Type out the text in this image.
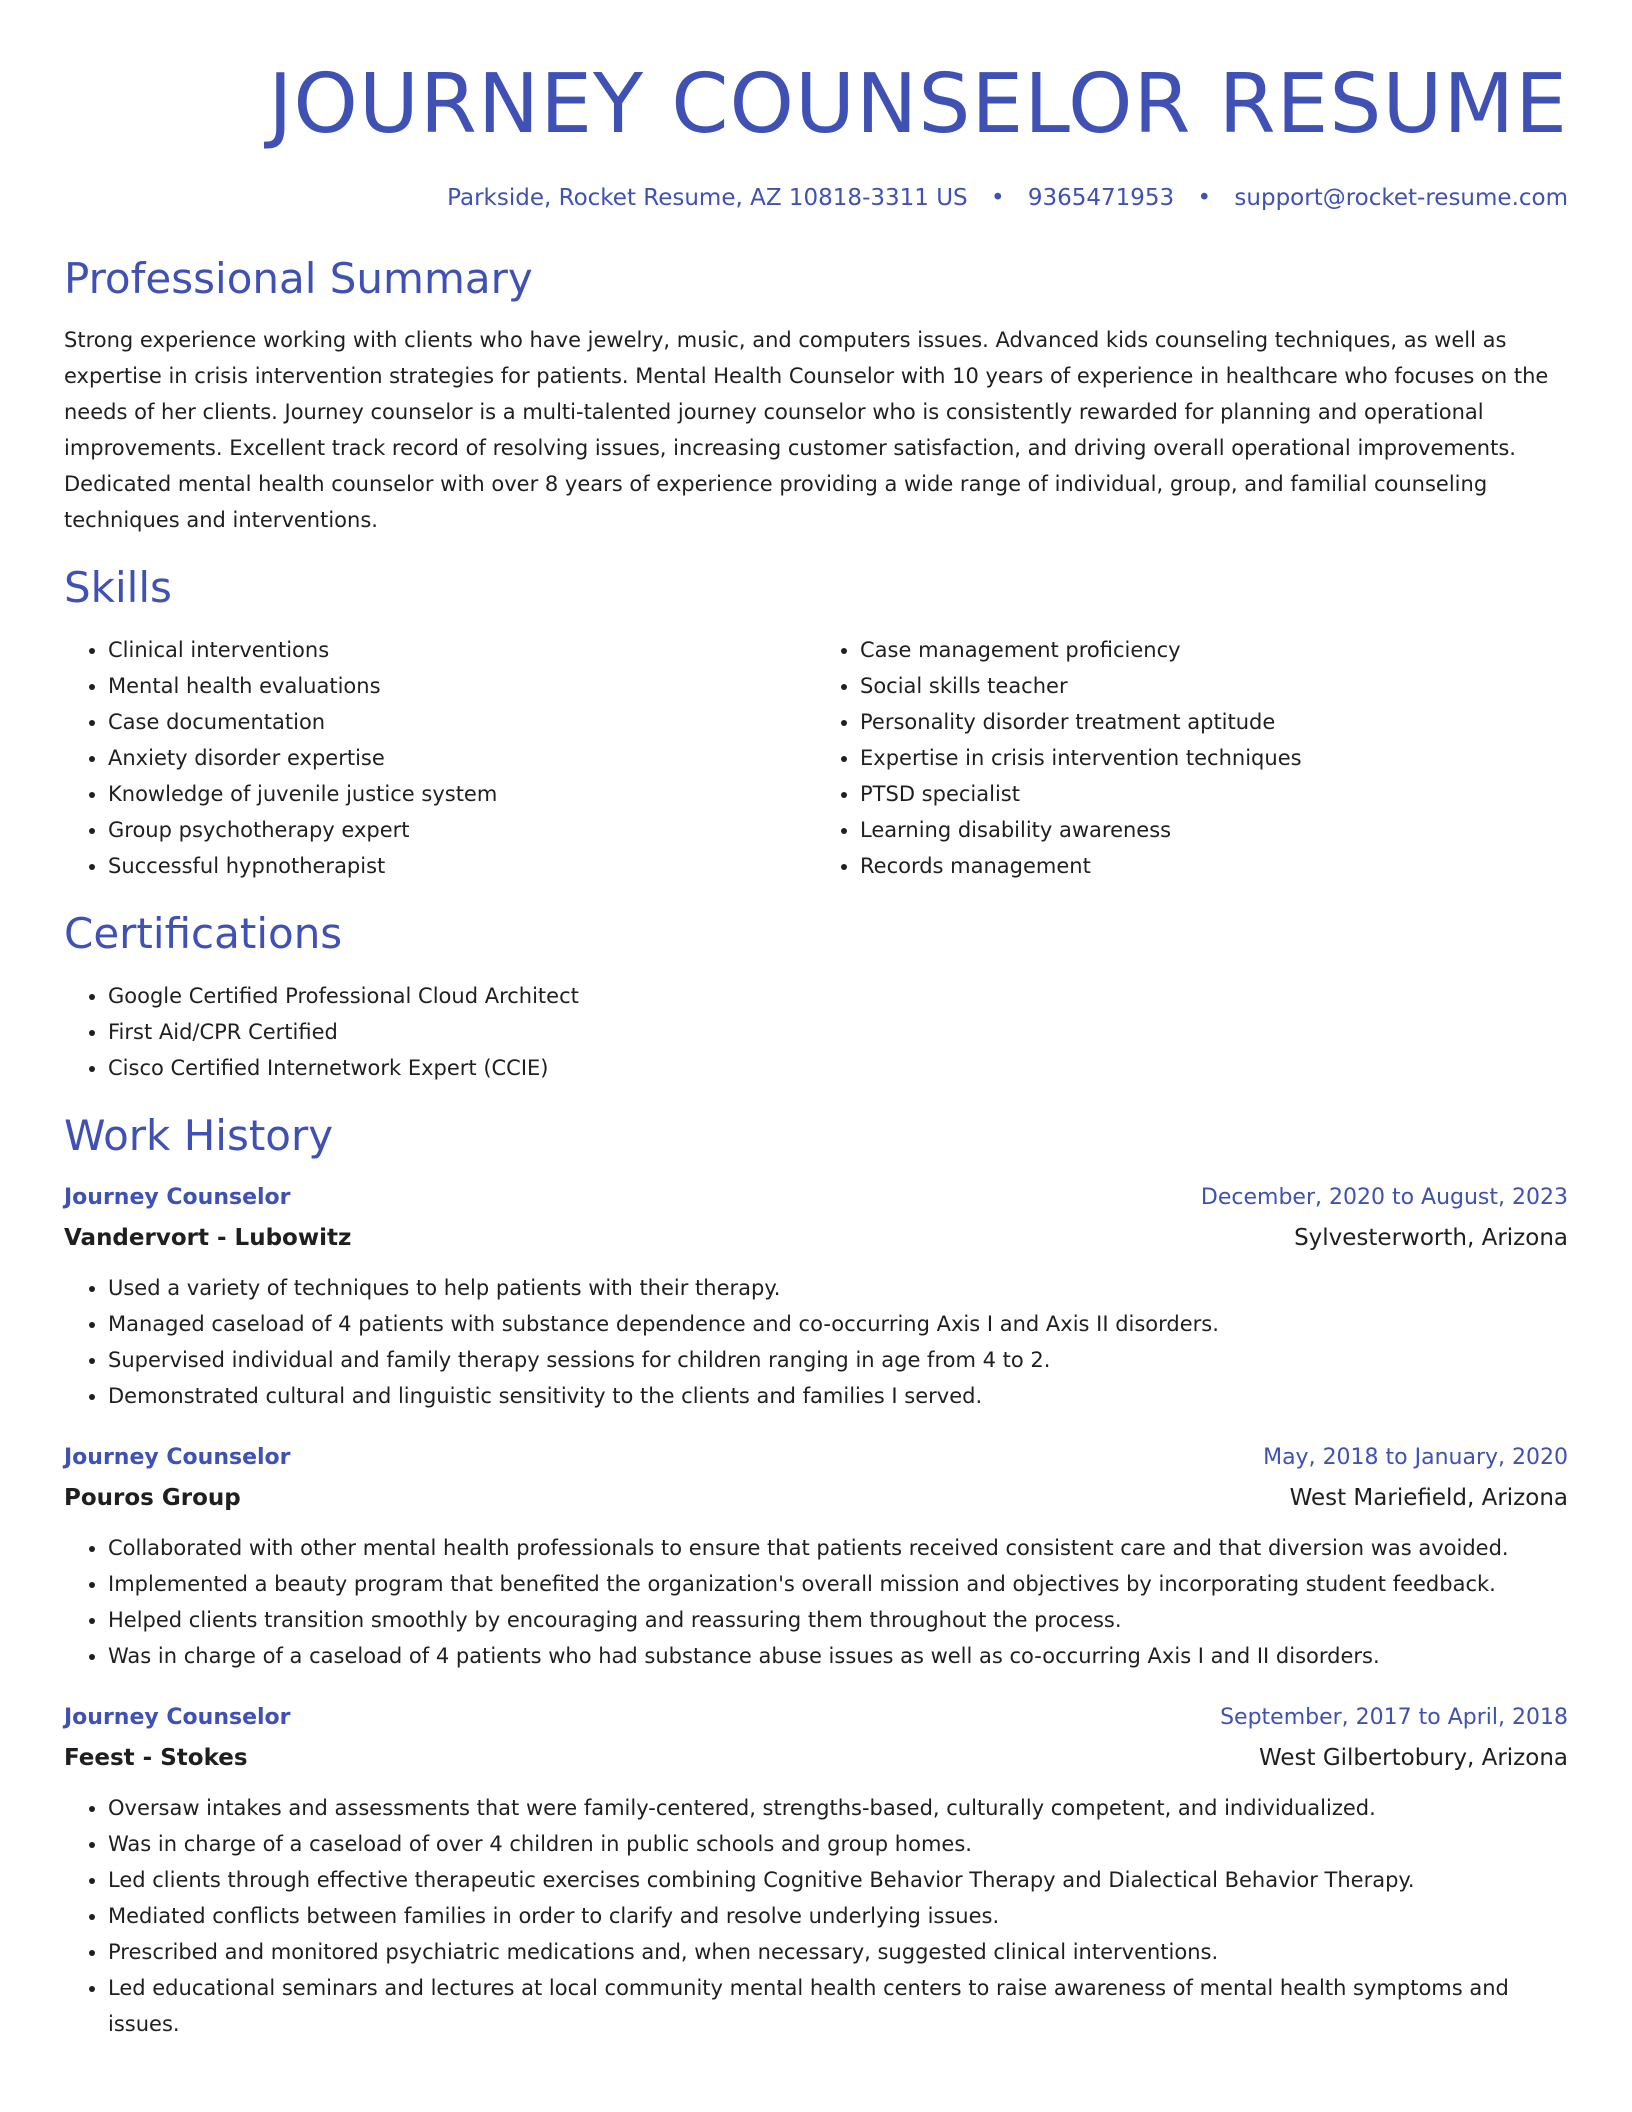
JOURNEY COUNSELOR RESUME
Parkside, Rocket Resume, AZ 10818-3311 US • 9365471953 • support@rocket-resume.com
Professional Summary

Strong experience working with clients who have jewelry, music, and computers issues. Advanced kids counseling techniques, as well as expertise in crisis intervention strategies for patients. Mental Health Counselor with 10 years of experience in healthcare who focuses on the needs of her clients. Journey counselor is a multi-talented journey counselor who is consistently rewarded for planning and operational improvements. Excellent track record of resolving issues, increasing customer satisfaction, and driving overall operational improvements. Dedicated mental health counselor with over 8 years of experience providing a wide range of individual, group, and familial counseling techniques and interventions.

Skills
• Clinical interventions
• Mental health evaluations
• Case documentation
• Anxiety disorder expertise
• Knowledge of juvenile justice system
• Group psychotherapy expert
• Successful hypnotherapist
• Case management proficiency
• Social skills teacher
• Personality disorder treatment aptitude
• Expertise in crisis intervention techniques
• PTSD specialist
• Learning disability awareness
• Records management
Certifications
• Google Certified Professional Cloud Architect
• First Aid/CPR Certified
• Cisco Certified Internetwork Expert (CCIE)
Work History
Journey Counselor	December, 2020 to August, 2023
Vandervort - Lubowitz	Sylvesterworth, Arizona
• Used a variety of techniques to help patients with their therapy.
• Managed caseload of 4 patients with substance dependence and co-occurring Axis I and Axis II disorders.
• Supervised individual and family therapy sessions for children ranging in age from 4 to 2.
• Demonstrated cultural and linguistic sensitivity to the clients and families I served.
Journey Counselor	May, 2018 to January, 2020
Pouros Group	West Mariefield, Arizona
• Collaborated with other mental health professionals to ensure that patients received consistent care and that diversion was avoided.
• Implemented a beauty program that benefited the organization's overall mission and objectives by incorporating student feedback.
• Helped clients transition smoothly by encouraging and reassuring them throughout the process.
• Was in charge of a caseload of 4 patients who had substance abuse issues as well as co-occurring Axis I and II disorders.
Journey Counselor	September, 2017 to April, 2018
Feest - Stokes	West Gilbertobury, Arizona
• Oversaw intakes and assessments that were family-centered, strengths-based, culturally competent, and individualized.
• Was in charge of a caseload of over 4 children in public schools and group homes.
• Led clients through effective therapeutic exercises combining Cognitive Behavior Therapy and Dialectical Behavior Therapy.
• Mediated conflicts between families in order to clarify and resolve underlying issues.
• Prescribed and monitored psychiatric medications and, when necessary, suggested clinical interventions.
• Led educational seminars and lectures at local community mental health centers to raise awareness of mental health symptoms and issues.
